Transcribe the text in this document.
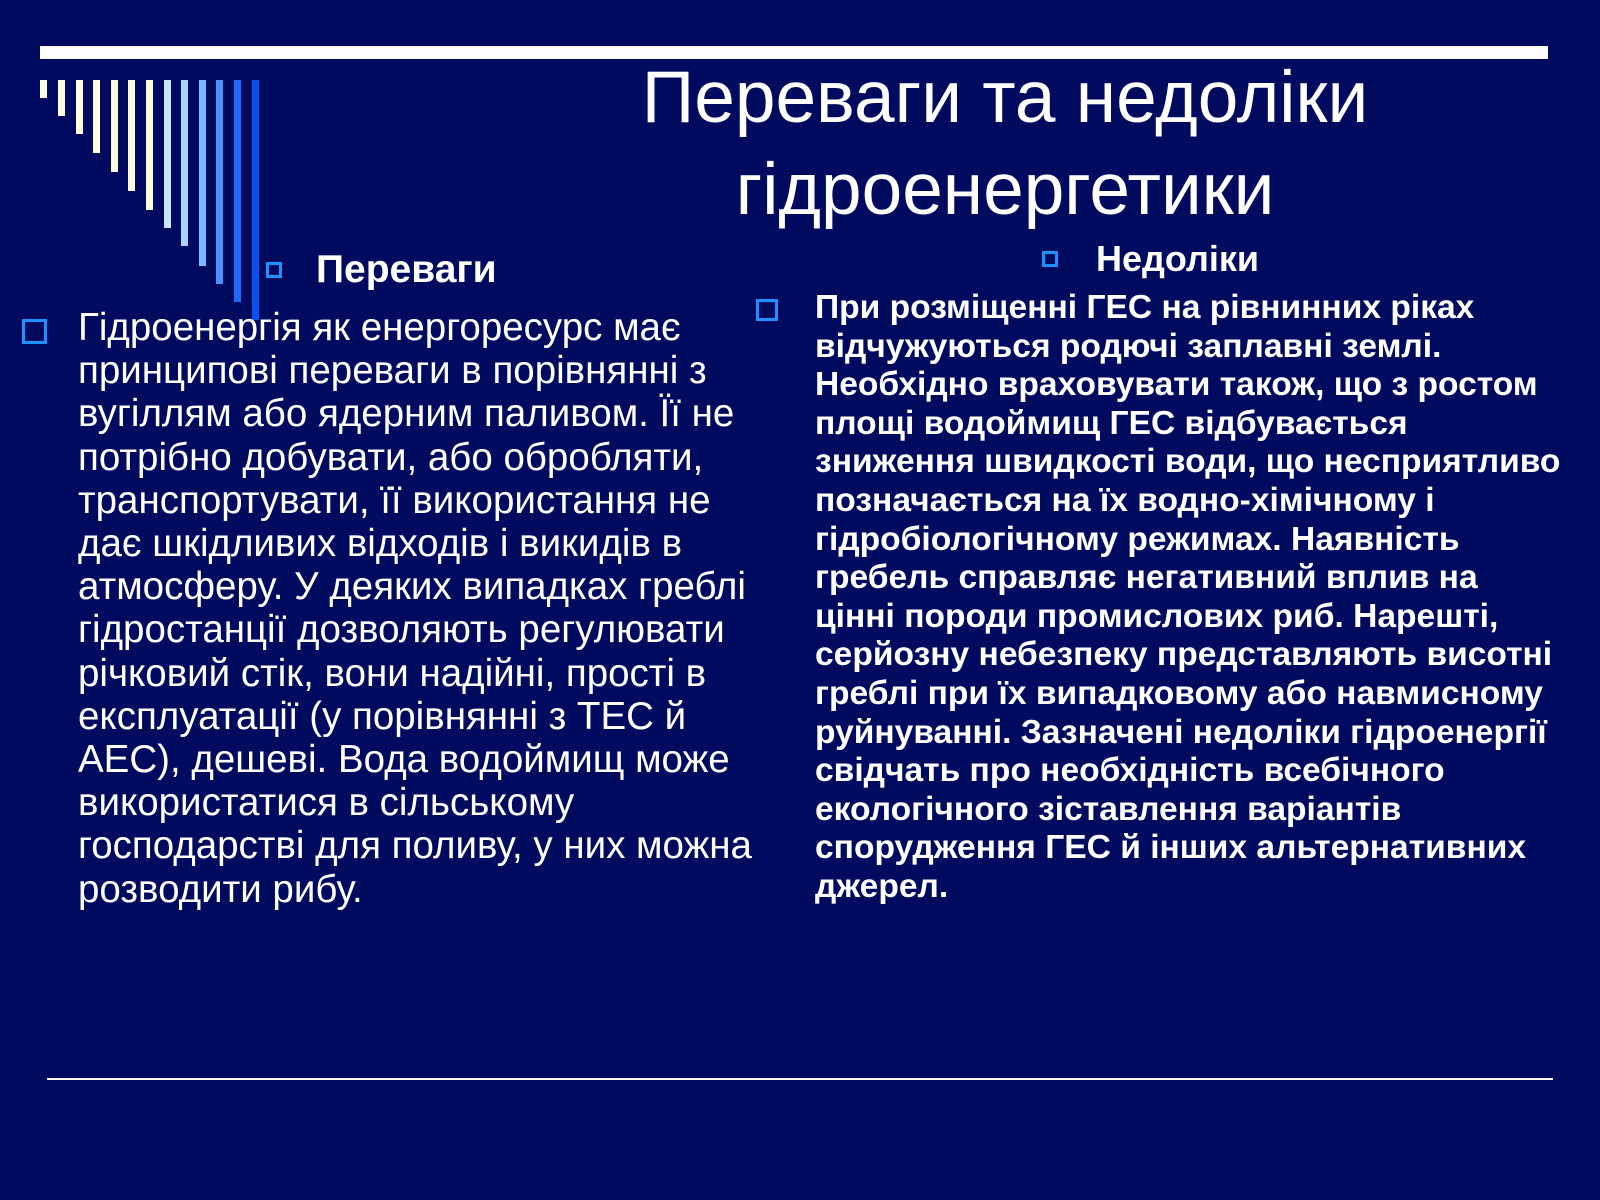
Переваги та недоліки
гідроенергетики
Переваги	Недоліки
Гідроенергія як енергоресурс має принципові переваги в порівнянні з вугіллям або ядерним паливом. Її не потрібно добувати, або обробляти, транспортувати, її використання не дає шкідливих відходів і викидів в атмосферу. У деяких випадках греблі гідростанції дозволяють регулювати річковий стік, вони надійні, прості в експлуатації (у порівнянні з ТЕС й АЕС), дешеві. Вода водоймищ може використатися в сільському господарстві для поливу, у них можна розводити рибу.
При розміщенні ГЕС на рівнинних ріках відчужуються родючі заплавні землі. Необхідно враховувати також, що з ростом площі водоймищ ГЕС відбувається зниження швидкості води, що несприятливо позначається на їх водно-хімічному і гідробіологічному режимах. Наявність гребель справляє негативний вплив на цінні породи промислових риб. Нарешті, серйозну небезпеку представляють висотні греблі при їх випадковому або навмисному руйнуванні. Зазначені недоліки гідроенергії свідчать про необхідність всебічного екологічного зіставлення варіантів спорудження ГЕС й інших альтернативних джерел.
